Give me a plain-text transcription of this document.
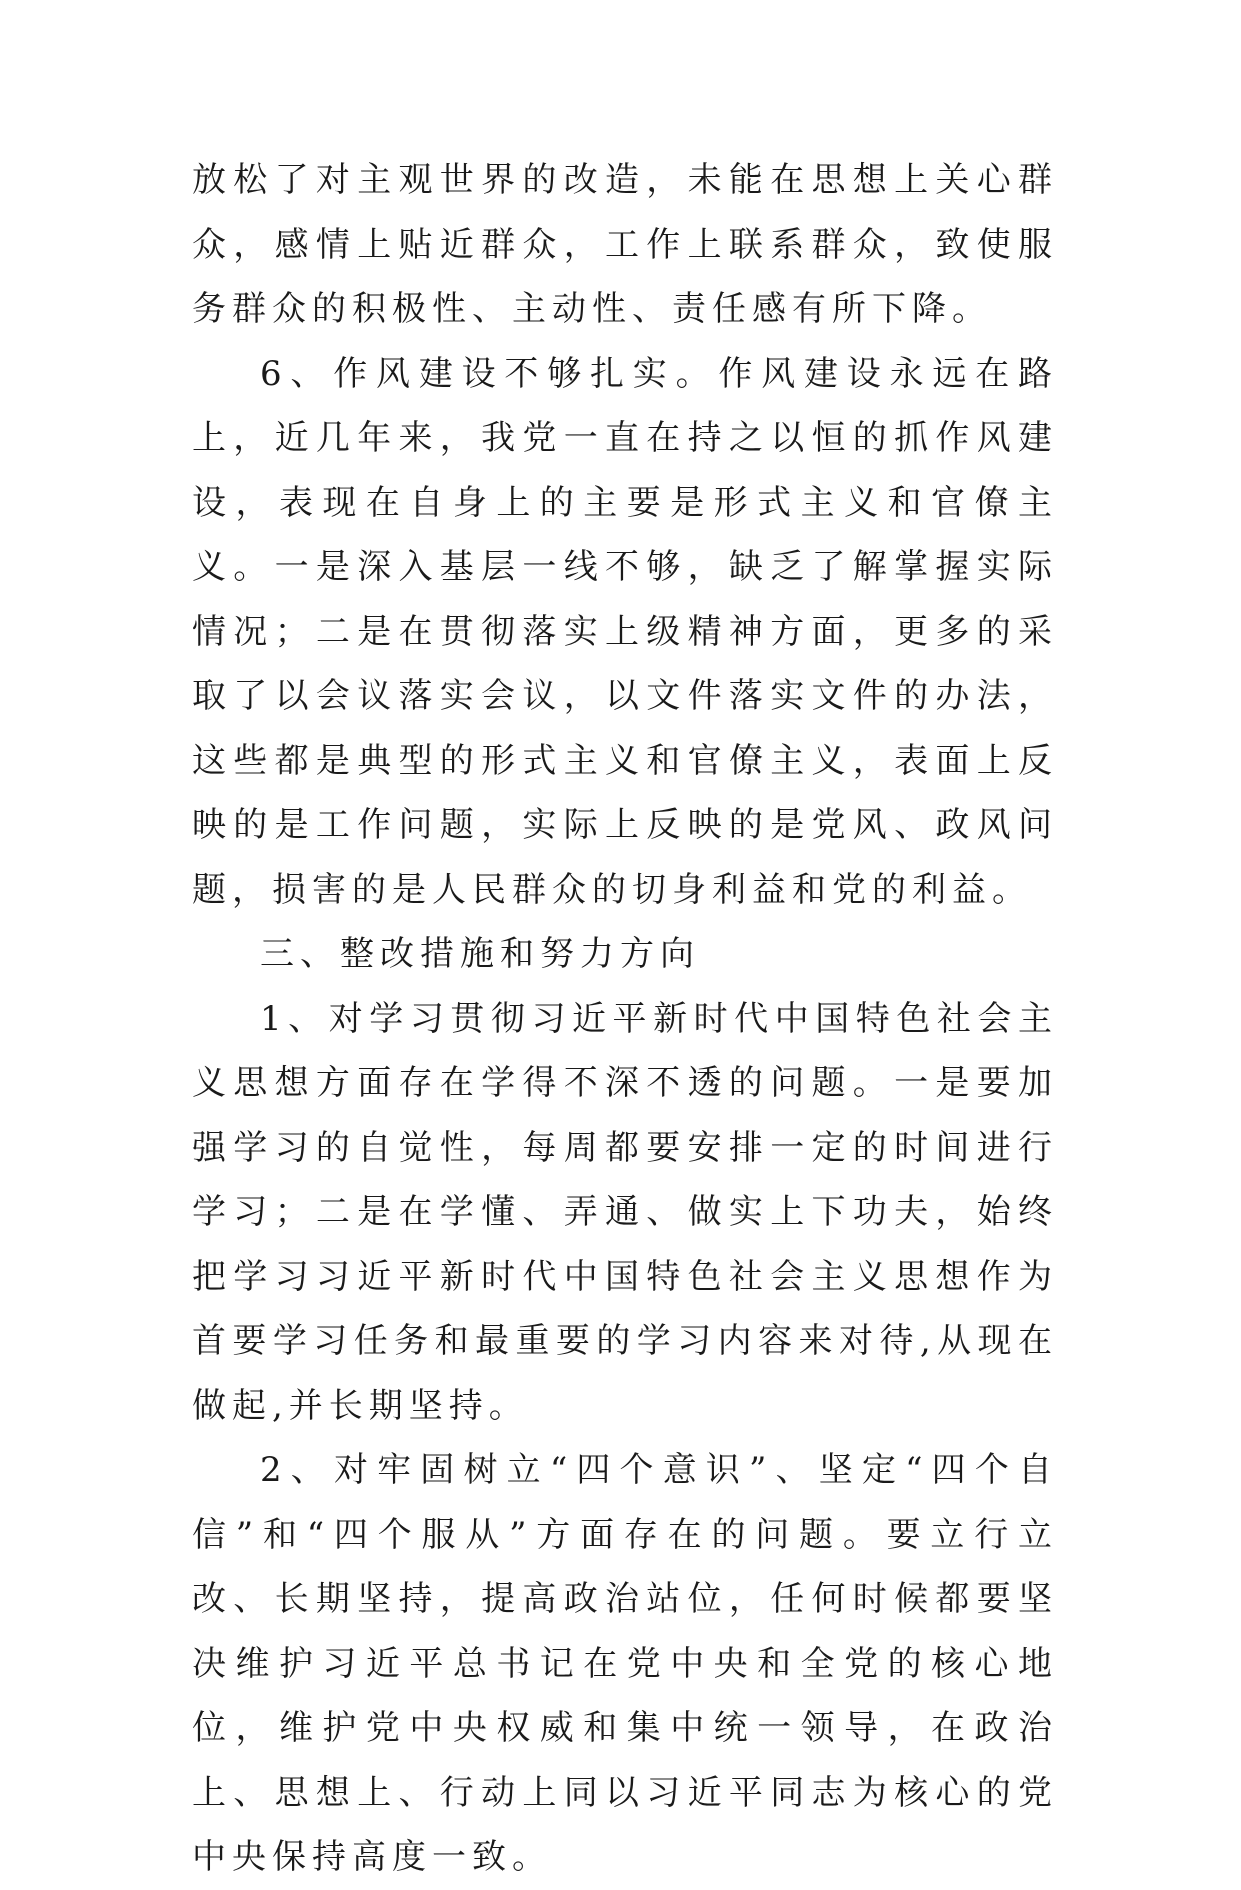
放松了对主观世界的改造，未能在思想上关心群众，感情上贴近群众，工作上联系群众，致使服务群众的积极性、主动性、责任感有所下降。

6、作风建设不够扎实。作风建设永远在路上，近几年来，我党一直在持之以恒的抓作风建设，表现在自身上的主要是形式主义和官僚主义。一是深入基层一线不够，缺乏了解掌握实际情况；二是在贯彻落实上级精神方面，更多的采取了以会议落实会议，以文件落实文件的办法，这些都是典型的形式主义和官僚主义，表面上反映的是工作问题，实际上反映的是党风、政风问题，损害的是人民群众的切身利益和党的利益。

三、整改措施和努力方向

1、对学习贯彻习近平新时代中国特色社会主义思想方面存在学得不深不透的问题。一是要加强学习的自觉性，每周都要安排一定的时间进行学习；二是在学懂、弄通、做实上下功夫，始终把学习习近平新时代中国特色社会主义思想作为首要学习任务和最重要的学习内容来对待,从现在做起,并长期坚持。

2、对牢固树立“四个意识”、坚定“四个自信”和“四个服从”方面存在的问题。要立行立改、长期坚持，提高政治站位，任何时候都要坚决维护习近平总书记在党中央和全党的核心地位，维护党中央权威和集中统一领导，在政治上、思想上、行动上同以习近平同志为核心的党中央保持高度一致。
